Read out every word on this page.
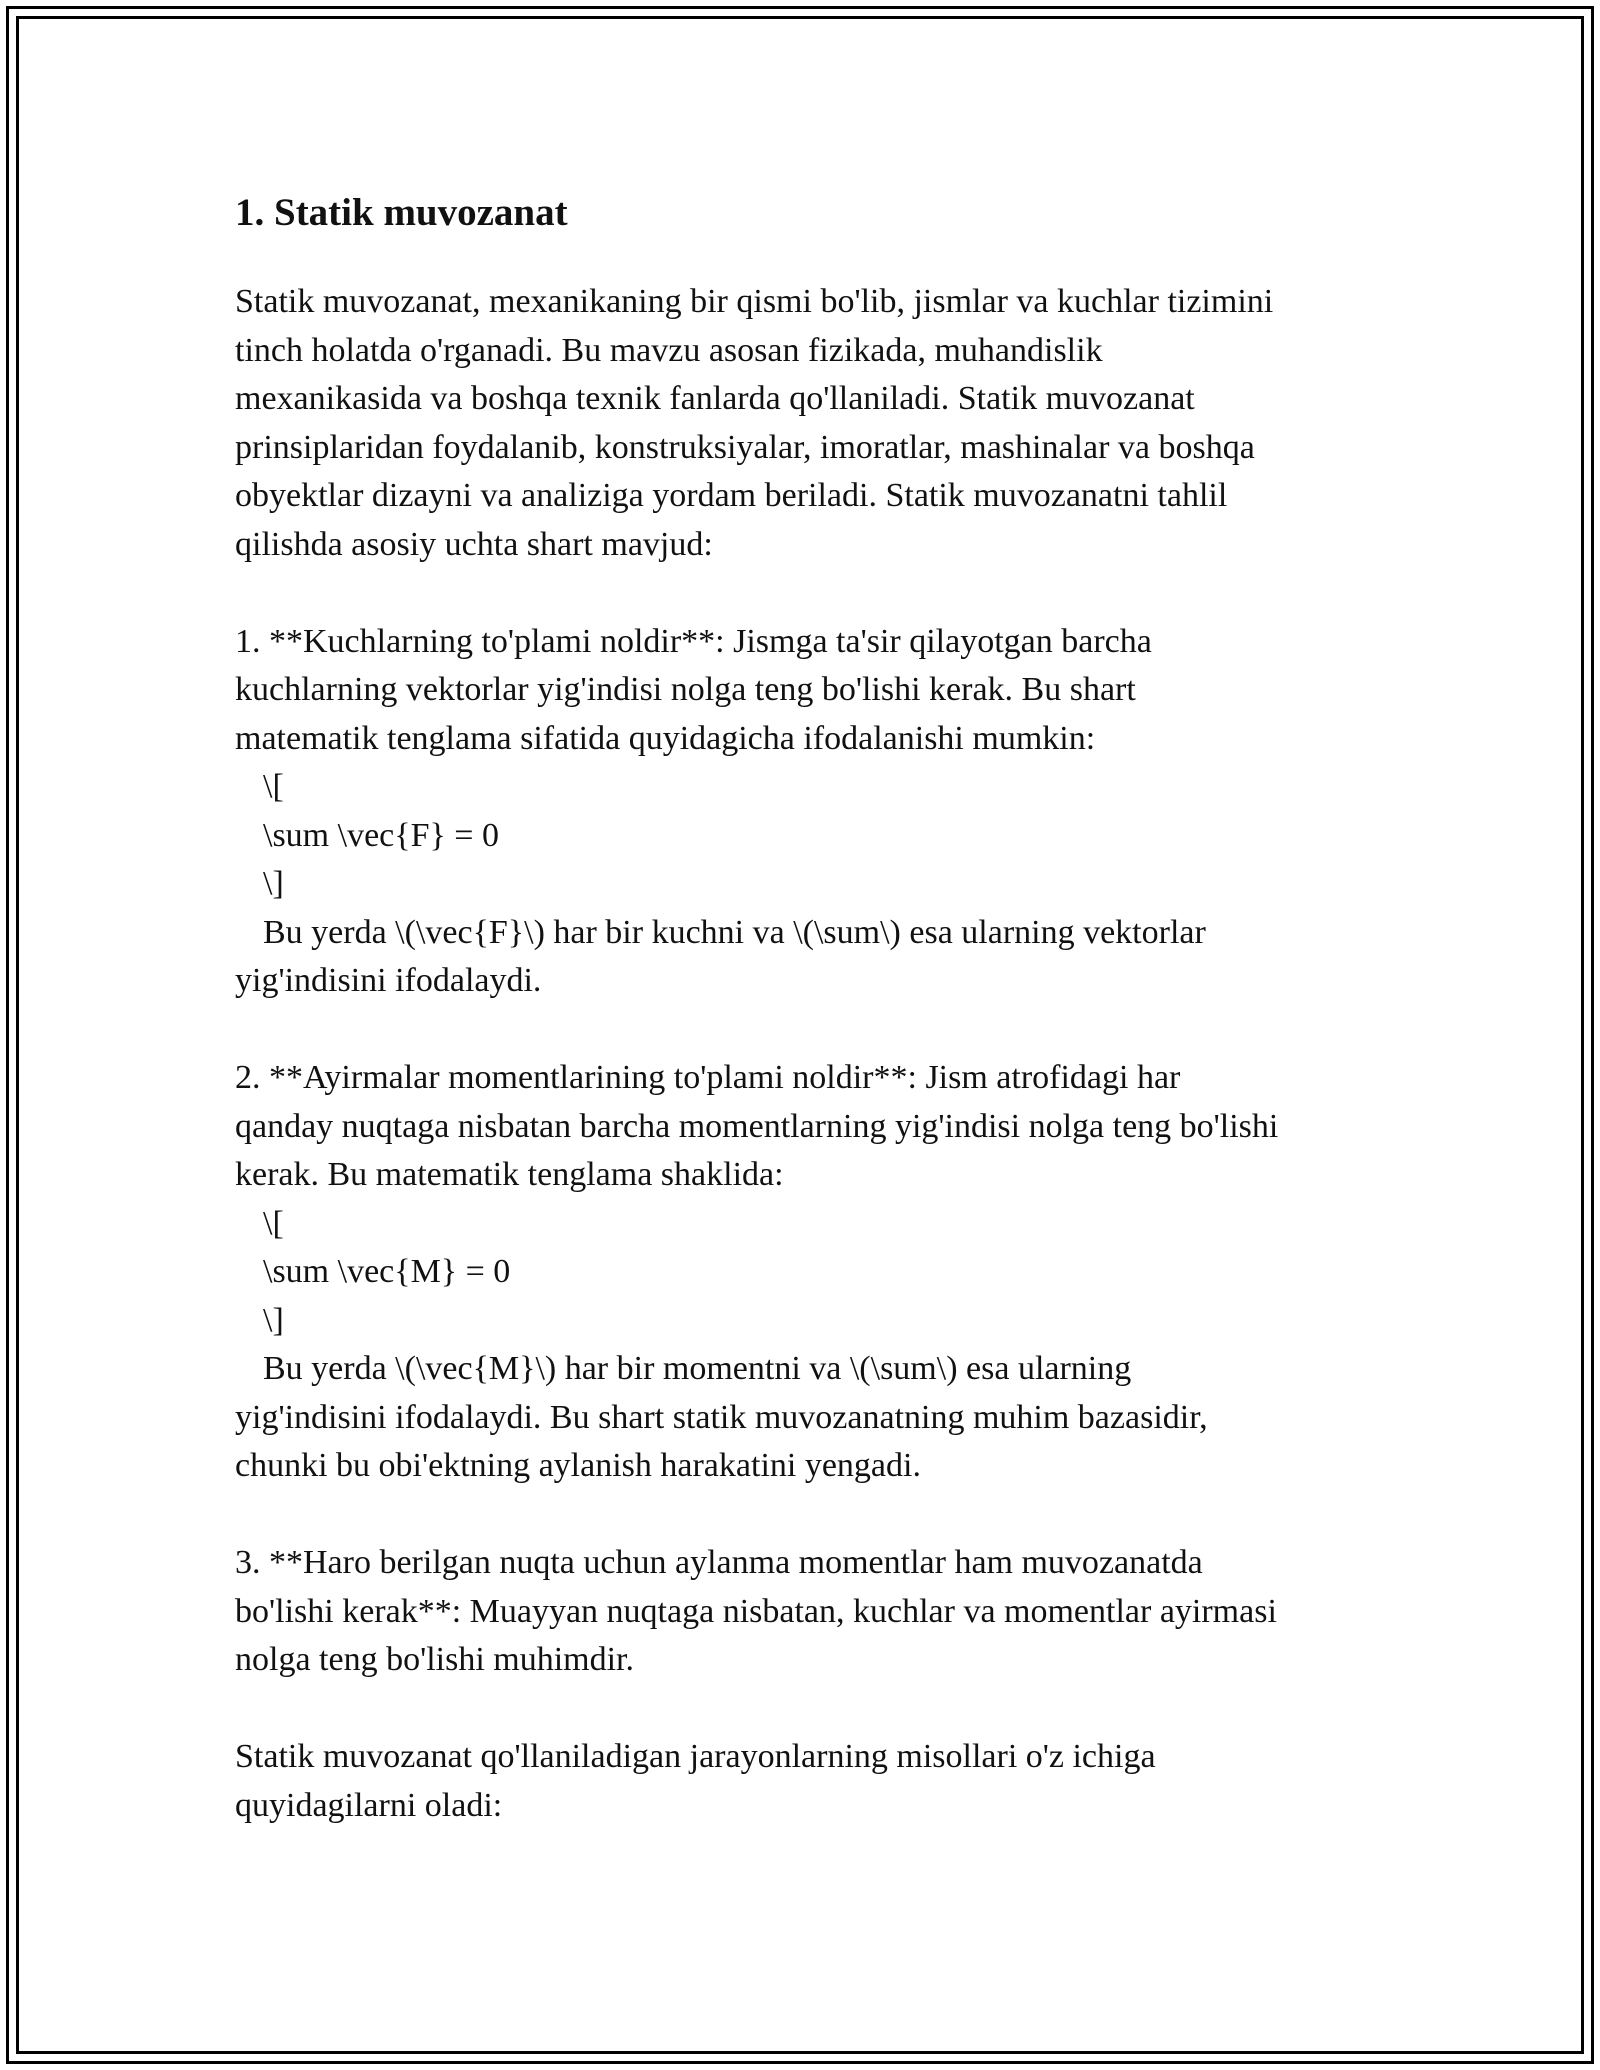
1. Statik muvozanat

Statik muvozanat, mexanikaning bir qismi bo'lib, jismlar va kuchlar tizimini
tinch holatda o'rganadi. Bu mavzu asosan fizikada, muhandislik
mexanikasida va boshqa texnik fanlarda qo'llaniladi. Statik muvozanat
prinsiplaridan foydalanib, konstruksiyalar, imoratlar, mashinalar va boshqa
obyektlar dizayni va analiziga yordam beriladi. Statik muvozanatni tahlil
qilishda asosiy uchta shart mavjud:

1. **Kuchlarning to'plami noldir**: Jismga ta'sir qilayotgan barcha
kuchlarning vektorlar yig'indisi nolga teng bo'lishi kerak. Bu shart
matematik tenglama sifatida quyidagicha ifodalanishi mumkin:
\[
\sum \vec{F} = 0
\]
Bu yerda \(\vec{F}\) har bir kuchni va \(\sum\) esa ularning vektorlar
yig'indisini ifodalaydi.

2. **Ayirmalar momentlarining to'plami noldir**: Jism atrofidagi har
qanday nuqtaga nisbatan barcha momentlarning yig'indisi nolga teng bo'lishi
kerak. Bu matematik tenglama shaklida:
\[
\sum \vec{M} = 0
\]
Bu yerda \(\vec{M}\) har bir momentni va \(\sum\) esa ularning
yig'indisini ifodalaydi. Bu shart statik muvozanatning muhim bazasidir,
chunki bu obi'ektning aylanish harakatini yengadi.

3. **Haro berilgan nuqta uchun aylanma momentlar ham muvozanatda
bo'lishi kerak**: Muayyan nuqtaga nisbatan, kuchlar va momentlar ayirmasi
nolga teng bo'lishi muhimdir.

Statik muvozanat qo'llaniladigan jarayonlarning misollari o'z ichiga
quyidagilarni oladi:
